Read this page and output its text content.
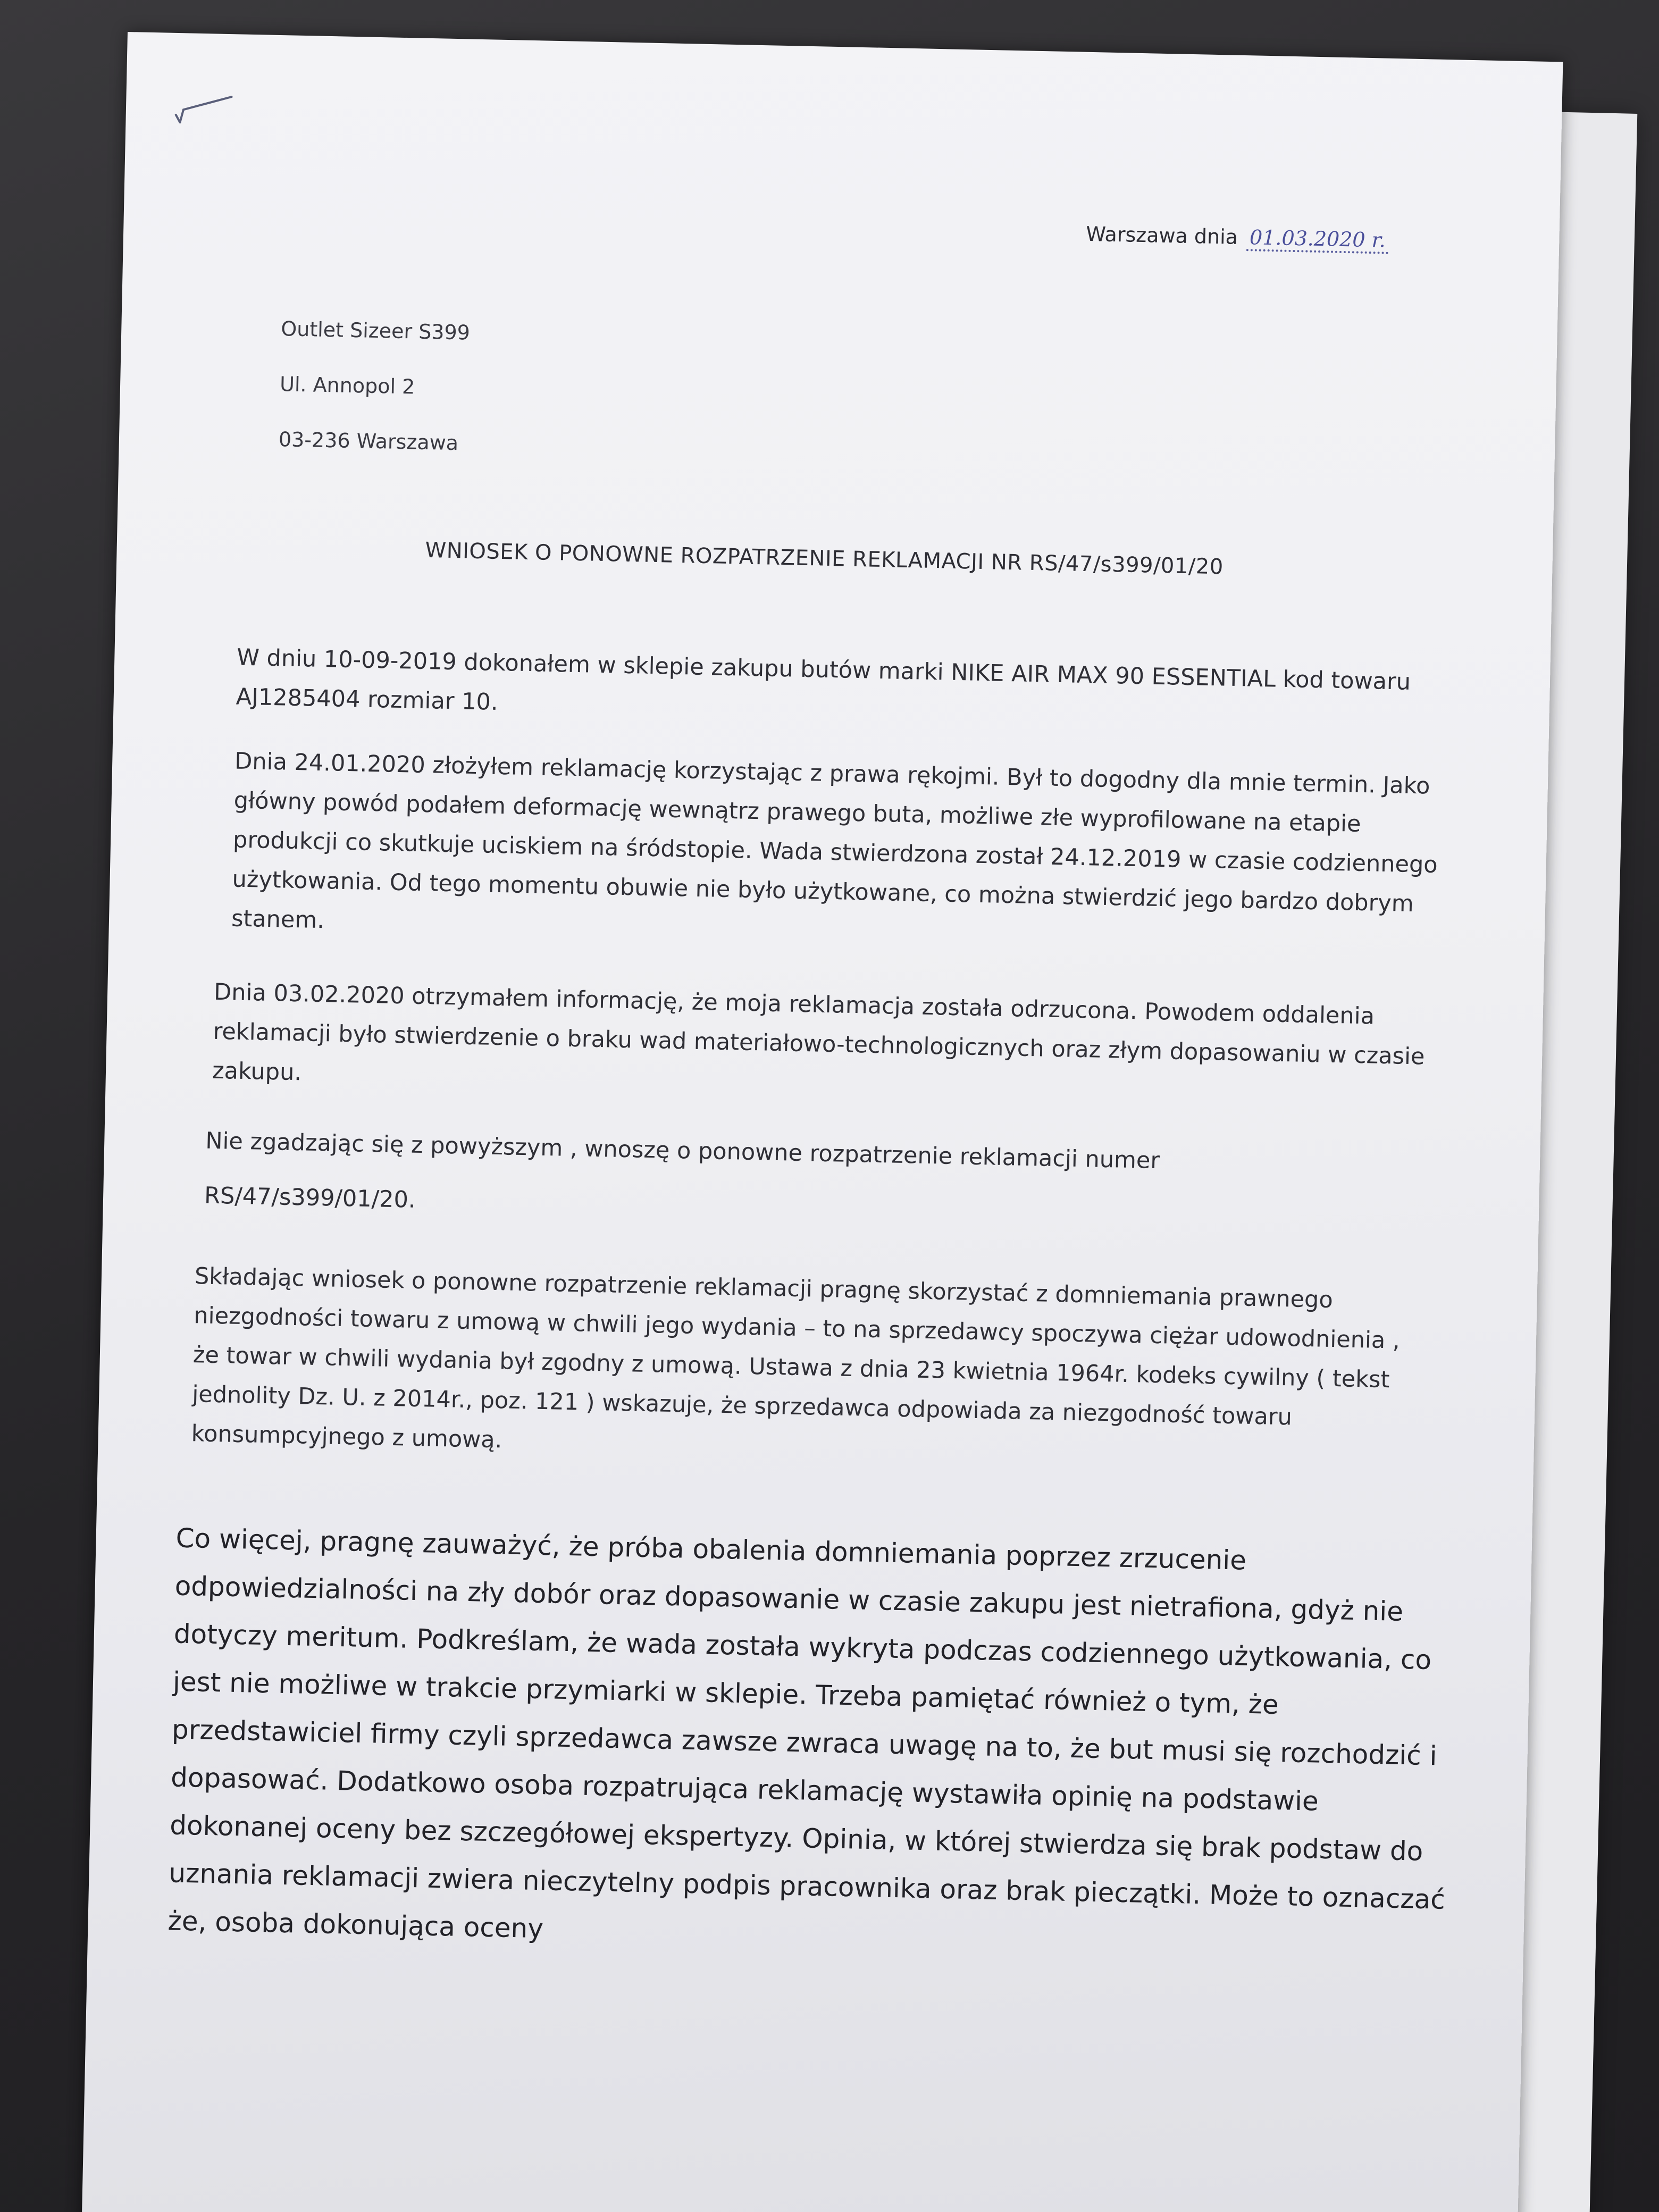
Warszawa dnia 01.03.2020 r.
Outlet Sizeer S399
Ul. Annopol 2
03-236 Warszawa
WNIOSEK O PONOWNE ROZPATRZENIE REKLAMACJI NR RS/47/s399/01/20
W dniu 10-09-2019 dokonałem w sklepie zakupu butów marki NIKE AIR MAX 90 ESSENTIAL kod towaru AJ1285404 rozmiar 10.
Dnia 24.01.2020 złożyłem reklamację korzystając z prawa rękojmi. Był to dogodny dla mnie termin. Jako główny powód podałem deformację wewnątrz prawego buta, możliwe złe wyprofilowane na etapie produkcji co skutkuje uciskiem na śródstopie. Wada stwierdzona został 24.12.2019 w czasie codziennego użytkowania. Od tego momentu obuwie nie było użytkowane, co można stwierdzić jego bardzo dobrym stanem.
Dnia 03.02.2020 otrzymałem informację, że moja reklamacja została odrzucona. Powodem oddalenia reklamacji było stwierdzenie o braku wad materiałowo-technologicznych oraz złym dopasowaniu w czasie zakupu.
Nie zgadzając się z powyższym , wnoszę o ponowne rozpatrzenie reklamacji numer
RS/47/s399/01/20.
Składając wniosek o ponowne rozpatrzenie reklamacji pragnę skorzystać z domniemania prawnego niezgodności towaru z umową w chwili jego wydania – to na sprzedawcy spoczywa ciężar udowodnienia , że towar w chwili wydania był zgodny z umową. Ustawa z dnia 23 kwietnia 1964r. kodeks cywilny ( tekst jednolity Dz. U. z 2014r., poz. 121 ) wskazuje, że sprzedawca odpowiada za niezgodność towaru konsumpcyjnego z umową.
Co więcej, pragnę zauważyć, że próba obalenia domniemania poprzez zrzucenie odpowiedzialności na zły dobór oraz dopasowanie w czasie zakupu jest nietrafiona, gdyż nie dotyczy meritum. Podkreślam, że wada została wykryta podczas codziennego użytkowania, co jest nie możliwe w trakcie przymiarki w sklepie. Trzeba pamiętać również o tym, że przedstawiciel firmy czyli sprzedawca zawsze zwraca uwagę na to, że but musi się rozchodzić i dopasować. Dodatkowo osoba rozpatrująca reklamację wystawiła opinię na podstawie dokonanej oceny bez szczegółowej ekspertyzy. Opinia, w której stwierdza się brak podstaw do uznania reklamacji zwiera nieczytelny podpis pracownika oraz brak pieczątki. Może to oznaczać że, osoba dokonująca oceny
